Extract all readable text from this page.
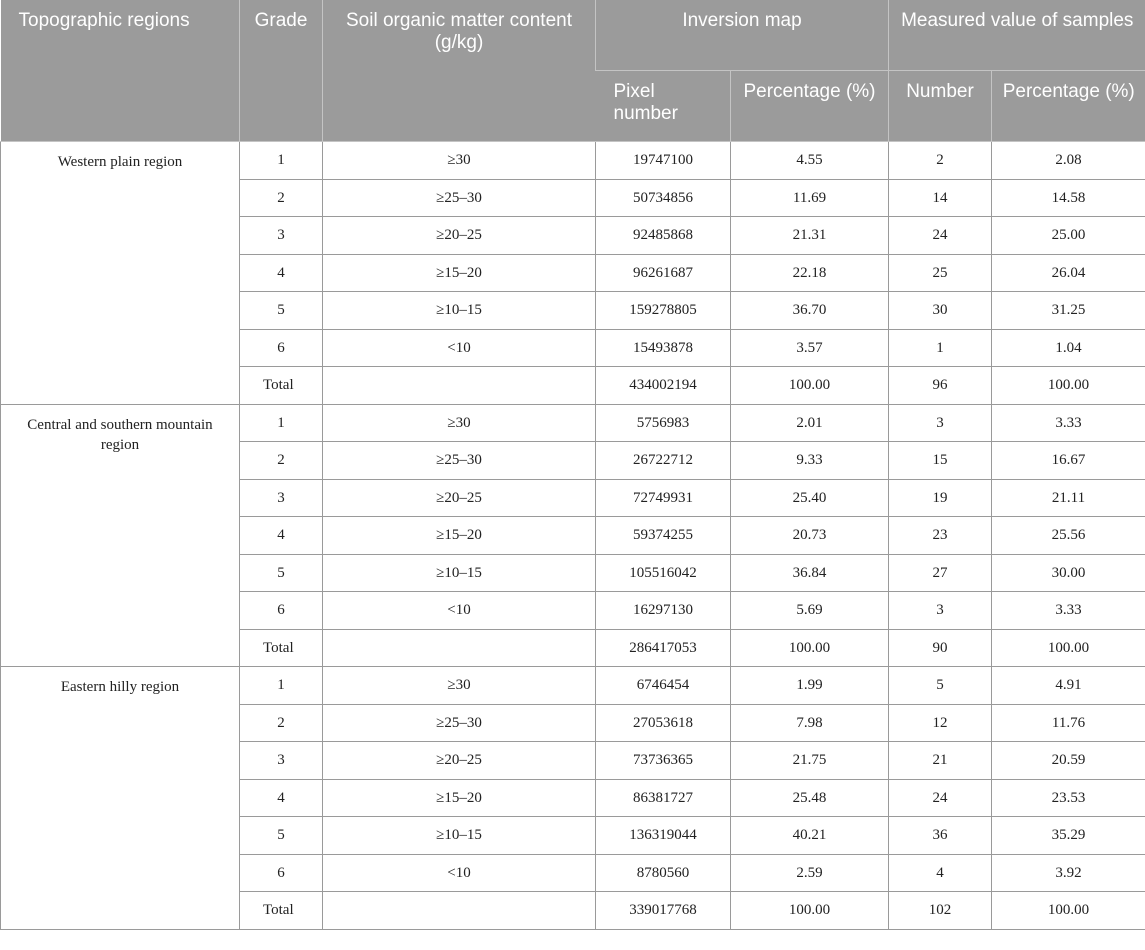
Topographic regions	Grade	Soil organic matter content (g/kg)	Inversion map		Measured value of samples	
			Pixel number	Percentage (%)	Number	Percentage (%)
Western plain region	1	≥30	19747100	4.55	2	2.08
	2	≥25–30	50734856	11.69	14	14.58
	3	≥20–25	92485868	21.31	24	25.00
	4	≥15–20	96261687	22.18	25	26.04
	5	≥10–15	159278805	36.70	30	31.25
	6	<10	15493878	3.57	1	1.04
	Total		434002194	100.00	96	100.00
Central and southern mountain region	1	≥30	5756983	2.01	3	3.33
	2	≥25–30	26722712	9.33	15	16.67
	3	≥20–25	72749931	25.40	19	21.11
	4	≥15–20	59374255	20.73	23	25.56
	5	≥10–15	105516042	36.84	27	30.00
	6	<10	16297130	5.69	3	3.33
	Total		286417053	100.00	90	100.00
Eastern hilly region	1	≥30	6746454	1.99	5	4.91
	2	≥25–30	27053618	7.98	12	11.76
	3	≥20–25	73736365	21.75	21	20.59
	4	≥15–20	86381727	25.48	24	23.53
	5	≥10–15	136319044	40.21	36	35.29
	6	<10	8780560	2.59	4	3.92
	Total		339017768	100.00	102	100.00
